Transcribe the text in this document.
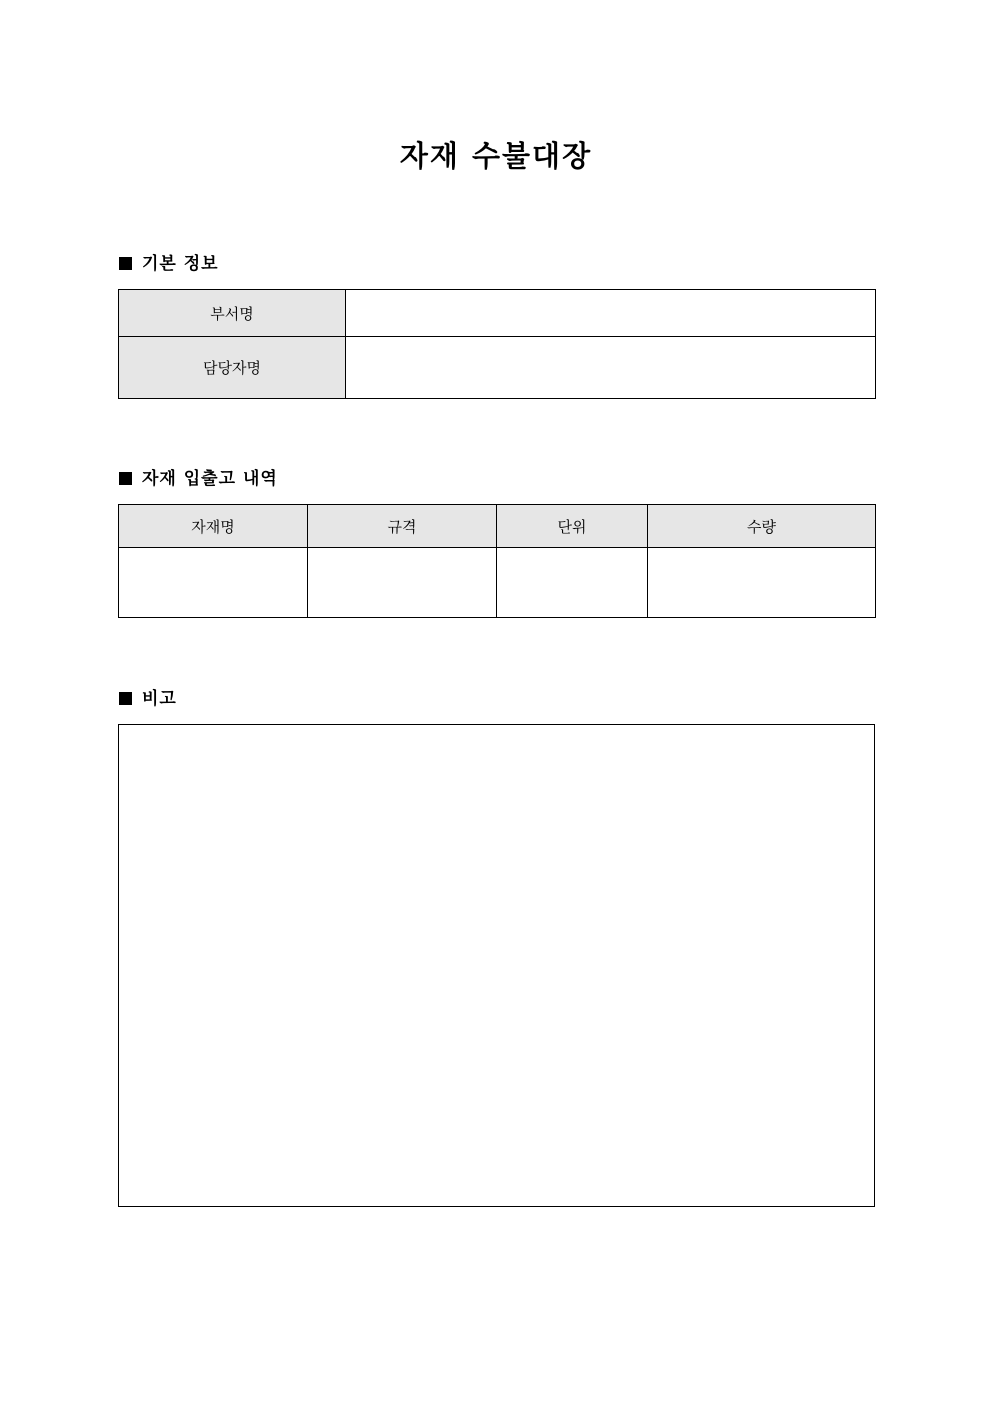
자재 수불대장
기본 정보
부서명	
담당자명	
자재 입출고 내역
자재명	규격	단위	수량

비고
